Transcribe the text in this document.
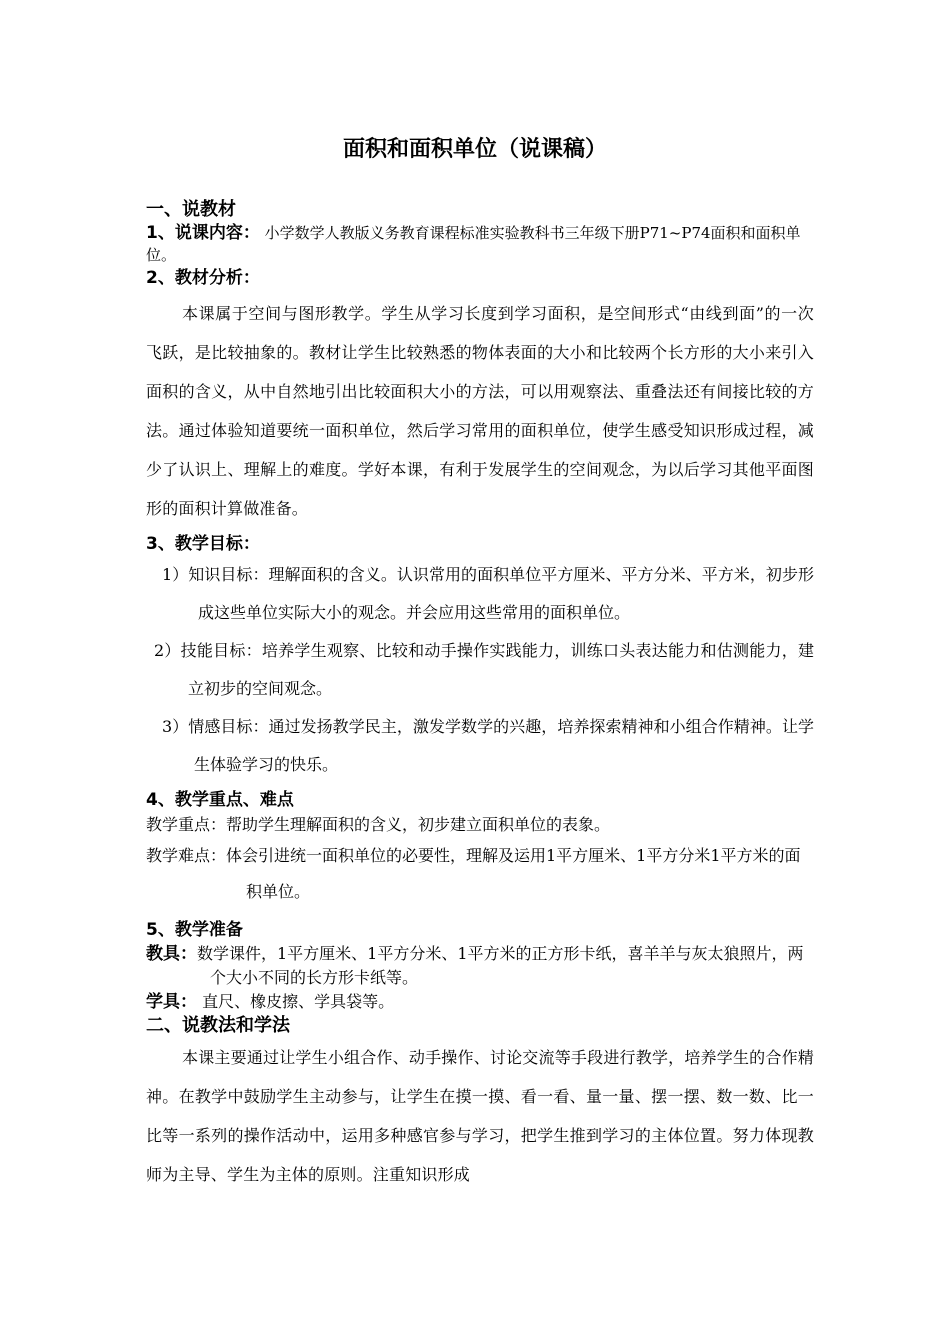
面积和面积单位（说课稿）

一、说教材

1、说课内容： 小学数学人教版义务教育课程标准实验教科书三年级下册P71~P74面积和面积单位。

2、教材分析：

本课属于空间与图形教学。学生从学习长度到学习面积，是空间形式“由线到面”的一次飞跃，是比较抽象的。教材让学生比较熟悉的物体表面的大小和比较两个长方形的大小来引入面积的含义，从中自然地引出比较面积大小的方法，可以用观察法、重叠法还有间接比较的方法。通过体验知道要统一面积单位，然后学习常用的面积单位，使学生感受知识形成过程，减少了认识上、理解上的难度。学好本课，有利于发展学生的空间观念，为以后学习其他平面图形的面积计算做准备。

3、教学目标：

1）知识目标：理解面积的含义。认识常用的面积单位平方厘米、平方分米、平方米，初步形成这些单位实际大小的观念。并会应用这些常用的面积单位。

2）技能目标：培养学生观察、比较和动手操作实践能力，训练口头表达能力和估测能力，建立初步的空间观念。

3）情感目标：通过发扬教学民主，激发学数学的兴趣，培养探索精神和小组合作精神。让学生体验学习的快乐。

4、教学重点、难点

教学重点：帮助学生理解面积的含义，初步建立面积单位的表象。

教学难点：体会引进统一面积单位的必要性，理解及运用1平方厘米、1平方分米1平方米的面积单位。

5、教学准备

教具：数学课件，1平方厘米、1平方分米、1平方米的正方形卡纸，喜羊羊与灰太狼照片，两个大小不同的长方形卡纸等。

学具： 直尺、橡皮擦、学具袋等。

二、说教法和学法

本课主要通过让学生小组合作、动手操作、讨论交流等手段进行教学，培养学生的合作精神。在教学中鼓励学生主动参与，让学生在摸一摸、看一看、量一量、摆一摆、数一数、比一比等一系列的操作活动中，运用多种感官参与学习，把学生推到学习的主体位置。努力体现教师为主导、学生为主体的原则。注重知识形成
